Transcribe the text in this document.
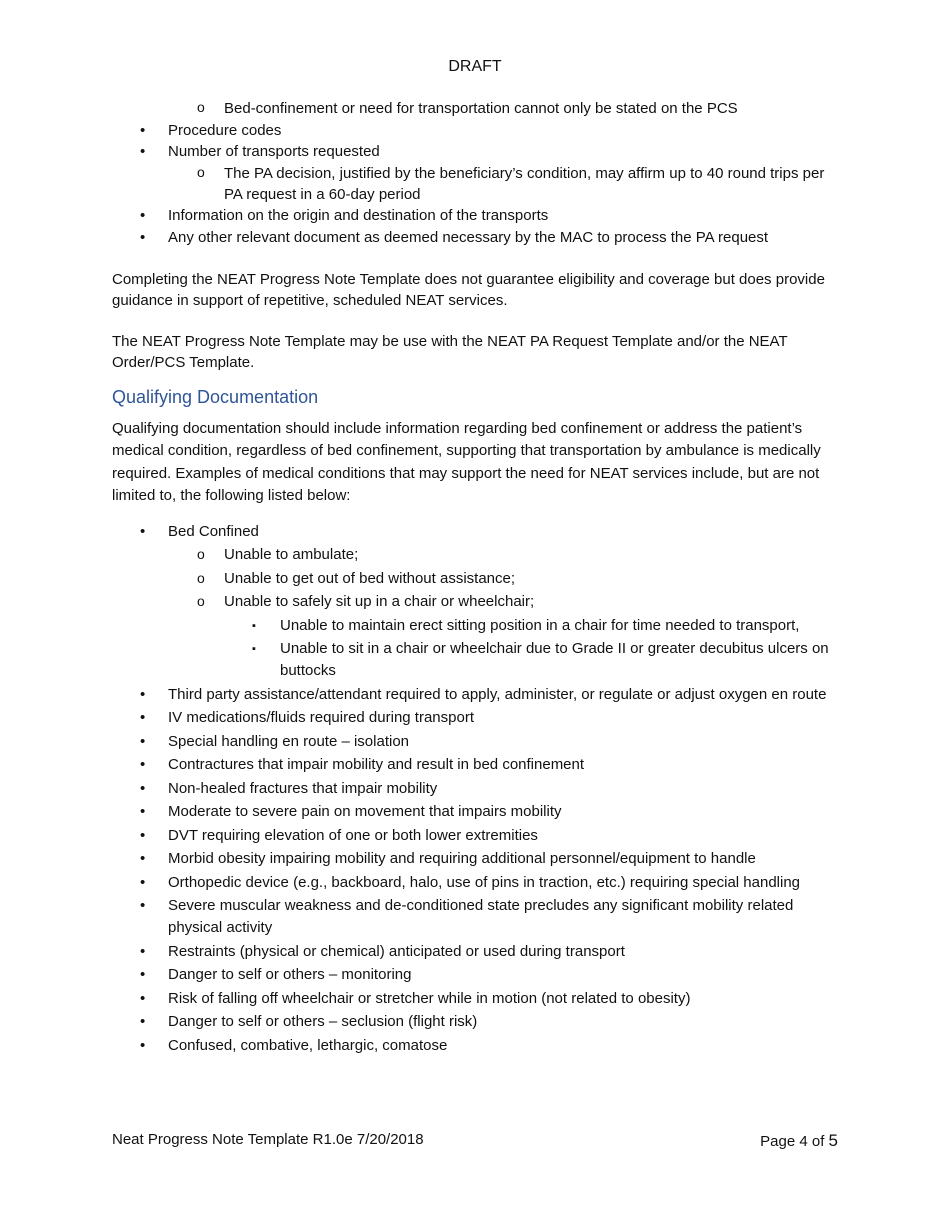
DRAFT
o Bed-confinement or need for transportation cannot only be stated on the PCS
• Procedure codes
• Number of transports requested
o The PA decision, justified by the beneficiary’s condition, may affirm up to 40 round trips per PA request in a 60-day period
• Information on the origin and destination of the transports
• Any other relevant document as deemed necessary by the MAC to process the PA request

Completing the NEAT Progress Note Template does not guarantee eligibility and coverage but does provide guidance in support of repetitive, scheduled NEAT services.

The NEAT Progress Note Template may be use with the NEAT PA Request Template and/or the NEAT Order/PCS Template.

Qualifying Documentation

Qualifying documentation should include information regarding bed confinement or address the patient’s medical condition, regardless of bed confinement, supporting that transportation by ambulance is medically required. Examples of medical conditions that may support the need for NEAT services include, but are not limited to, the following listed below:

• Bed Confined
o Unable to ambulate;
o Unable to get out of bed without assistance;
o Unable to safely sit up in a chair or wheelchair;
▪ Unable to maintain erect sitting position in a chair for time needed to transport,
▪ Unable to sit in a chair or wheelchair due to Grade II or greater decubitus ulcers on buttocks
• Third party assistance/attendant required to apply, administer, or regulate or adjust oxygen en route
• IV medications/fluids required during transport
• Special handling en route – isolation
• Contractures that impair mobility and result in bed confinement
• Non-healed fractures that impair mobility
• Moderate to severe pain on movement that impairs mobility
• DVT requiring elevation of one or both lower extremities
• Morbid obesity impairing mobility and requiring additional personnel/equipment to handle
• Orthopedic device (e.g., backboard, halo, use of pins in traction, etc.) requiring special handling
• Severe muscular weakness and de-conditioned state precludes any significant mobility related physical activity
• Restraints (physical or chemical) anticipated or used during transport
• Danger to self or others – monitoring
• Risk of falling off wheelchair or stretcher while in motion (not related to obesity)
• Danger to self or others – seclusion (flight risk)
• Confused, combative, lethargic, comatose
Neat Progress Note Template R1.0e 7/20/2018	Page 4 of 5
